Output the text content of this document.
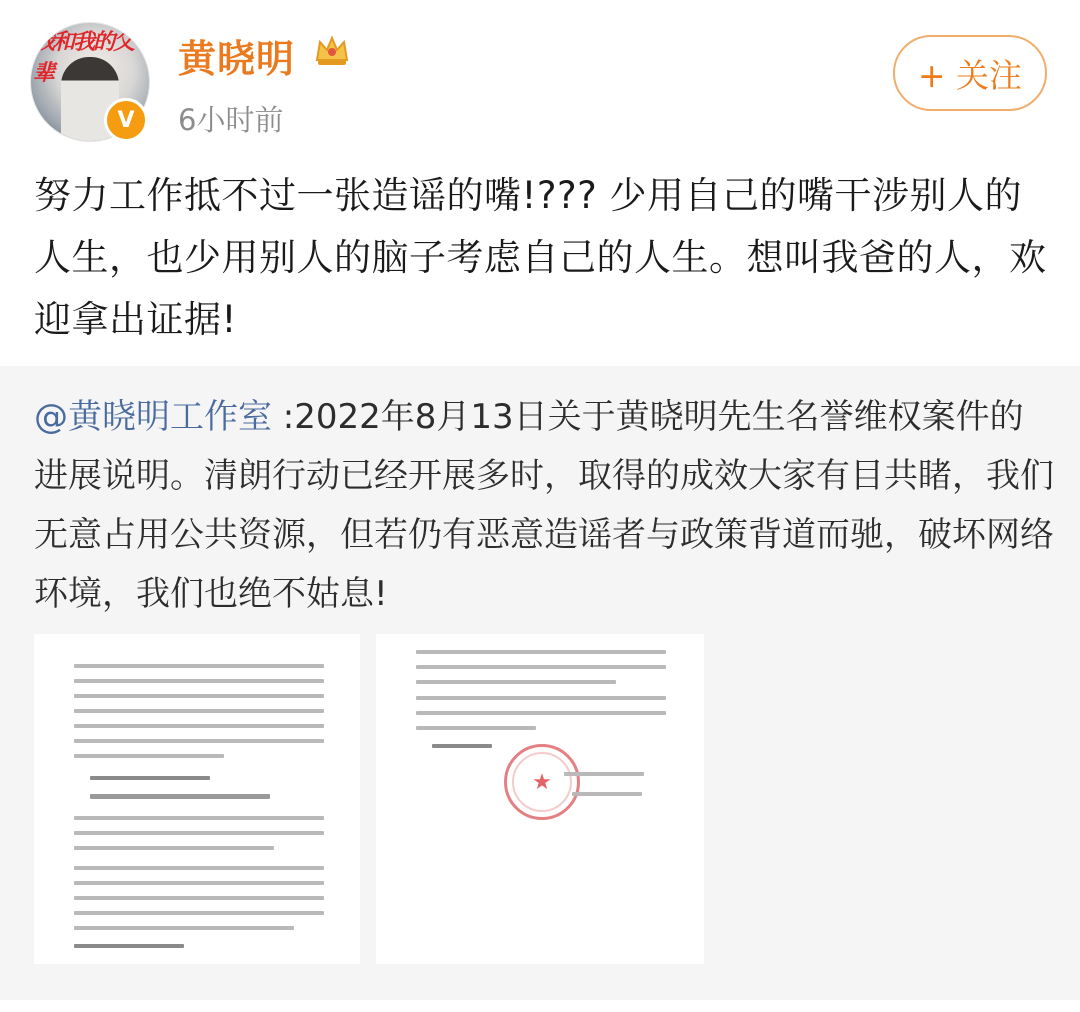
我和我的父辈
V
黄晓明
6小时前
+ 关注
努力工作抵不过一张造谣的嘴!??? 少用自己的嘴干涉别人的人生，也少用别人的脑子考虑自己的人生。想叫我爸的人，欢迎拿出证据!
@黄晓明工作室 :2022年8月13日关于黄晓明先生名誉维权案件的进展说明。清朗行动已经开展多时，取得的成效大家有目共睹，我们无意占用公共资源，但若仍有恶意造谣者与政策背道而驰，破坏网络环境，我们也绝不姑息!
★
